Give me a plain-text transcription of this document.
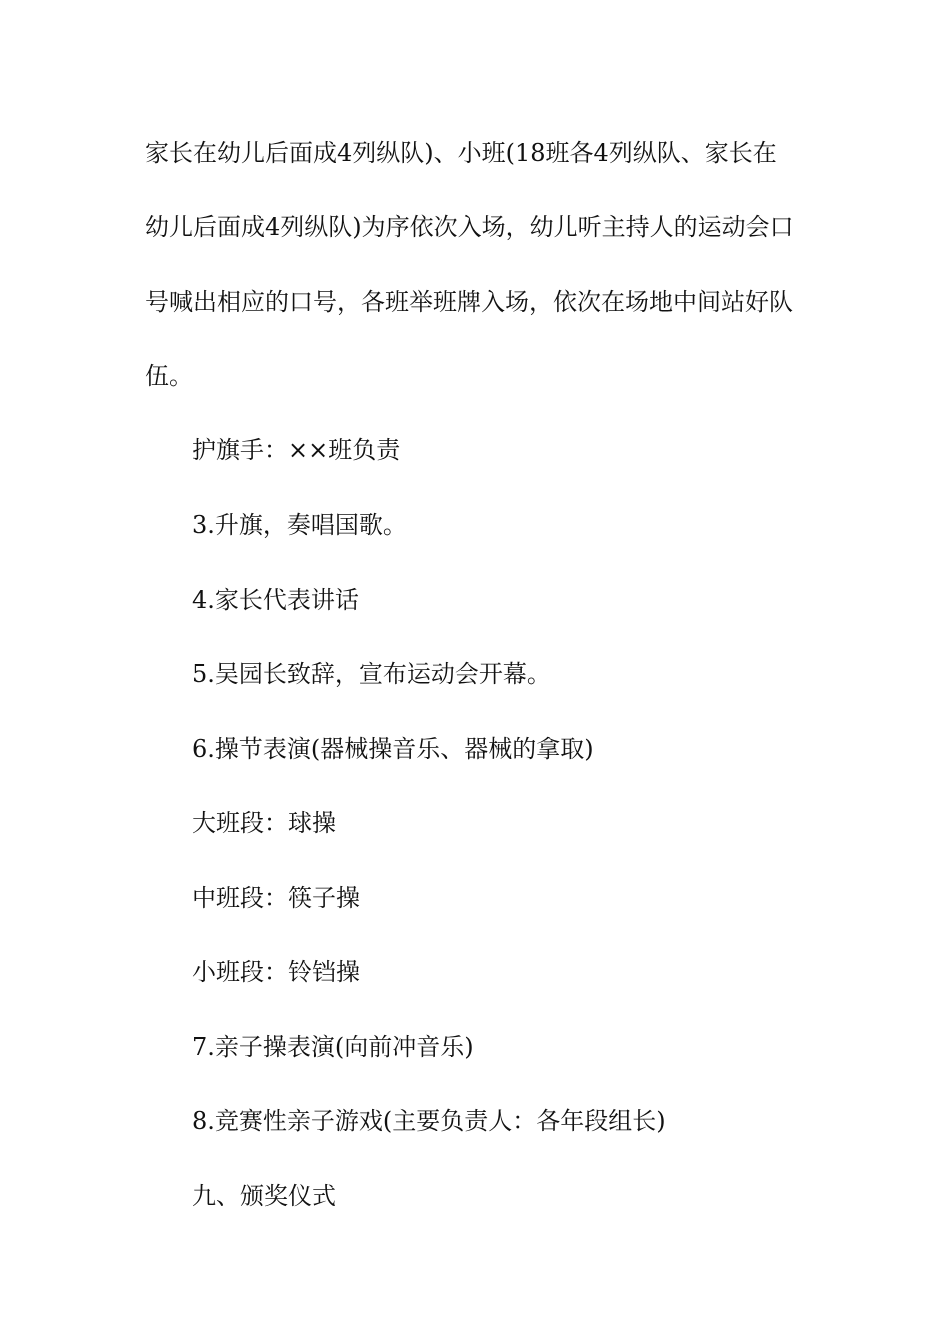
家长在幼儿后面成4列纵队)、小班(18班各4列纵队、家长在
幼儿后面成4列纵队)为序依次入场，幼儿听主持人的运动会口
号喊出相应的口号，各班举班牌入场，依次在场地中间站好队
伍。
护旗手：××班负责
3.升旗，奏唱国歌。
4.家长代表讲话
5.吴园长致辞，宣布运动会开幕。
6.操节表演(器械操音乐、器械的拿取)
大班段：球操
中班段：筷子操
小班段：铃铛操
7.亲子操表演(向前冲音乐)
8.竞赛性亲子游戏(主要负责人：各年段组长)
九、颁奖仪式
